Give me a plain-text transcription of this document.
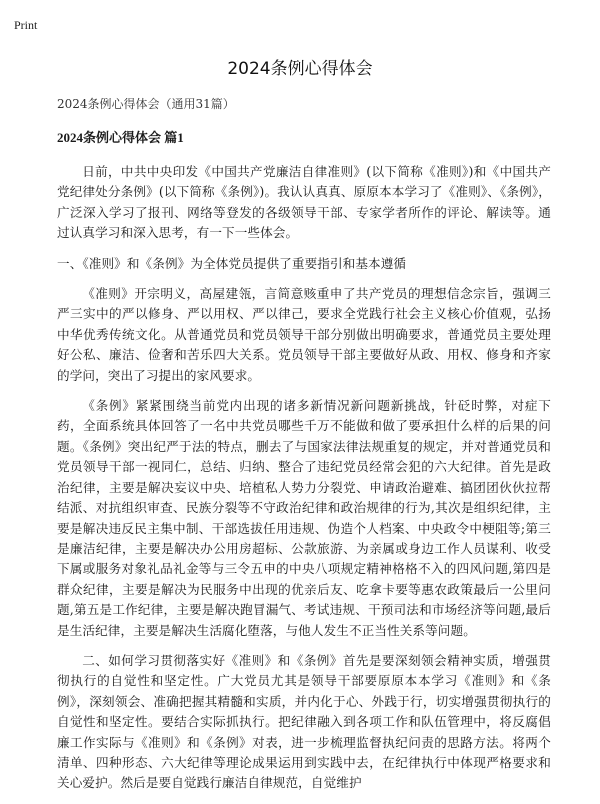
Print
2024条例心得体会

2024条例心得体会（通用31篇）

2024条例心得体会 篇1

日前，中共中央印发《中国共产党廉洁自律准则》(以下简称《准则》)和《中国共产党纪律处分条例》(以下简称《条例》)。我认认真真、原原本本学习了《准则》、《条例》，广泛深入学习了报刊、网络等登发的各级领导干部、专家学者所作的评论、解读等。通过认真学习和深入思考，有一下一些体会。

一、《准则》和《条例》为全体党员提供了重要指引和基本遵循

《准则》开宗明义，高屋建瓴，言简意赅重申了共产党员的理想信念宗旨，强调三严三实中的严以修身、严以用权、严以律己，要求全党践行社会主义核心价值观，弘扬中华优秀传统文化。从普通党员和党员领导干部分别做出明确要求，普通党员主要处理好公私、廉洁、俭奢和苦乐四大关系。党员领导干部主要做好从政、用权、修身和齐家的学问，突出了习提出的家风要求。

《条例》紧紧围绕当前党内出现的诸多新情况新问题新挑战，针砭时弊，对症下药，全面系统具体回答了一名中共党员哪些千万不能做和做了要承担什么样的后果的问题。《条例》突出纪严于法的特点，删去了与国家法律法规重复的规定，并对普通党员和党员领导干部一视同仁，总结、归纳、整合了违纪党员经常会犯的六大纪律。首先是政治纪律，主要是解决妄议中央、培植私人势力分裂党、申请政治避难、搞团团伙伙拉帮结派、对抗组织审查、民族分裂等不守政治纪律和政治规律的行为,其次是组织纪律，主要是解决违反民主集中制、干部选拔任用违规、伪造个人档案、中央政令中梗阻等;第三是廉洁纪律，主要是解决办公用房超标、公款旅游、为亲属或身边工作人员谋利、收受下属或服务对象礼品礼金等与三令五申的中央八项规定精神格格不入的四风问题,第四是群众纪律，主要是解决为民服务中出现的优亲后友、吃拿卡要等惠农政策最后一公里问题,第五是工作纪律，主要是解决跑冒漏气、考试违规、干预司法和市场经济等问题,最后是生活纪律，主要是解决生活腐化堕落，与他人发生不正当性关系等问题。

二、如何学习贯彻落实好《准则》和《条例》首先是要深刻领会精神实质，增强贯彻执行的自觉性和坚定性。广大党员尤其是领导干部要原原本本学习《准则》和《条例》，深刻领会、准确把握其精髓和实质，并内化于心、外践于行，切实增强贯彻执行的自觉性和坚定性。要结合实际抓执行。把纪律融入到各项工作和队伍管理中，将反腐倡廉工作实际与《准则》和《条例》对表，进一步梳理监督执纪问责的思路方法。将两个清单、四种形态、六大纪律等理论成果运用到实践中去，在纪律执行中体现严格要求和关心爱护。然后是要自觉践行廉洁自律规范，自觉维护
